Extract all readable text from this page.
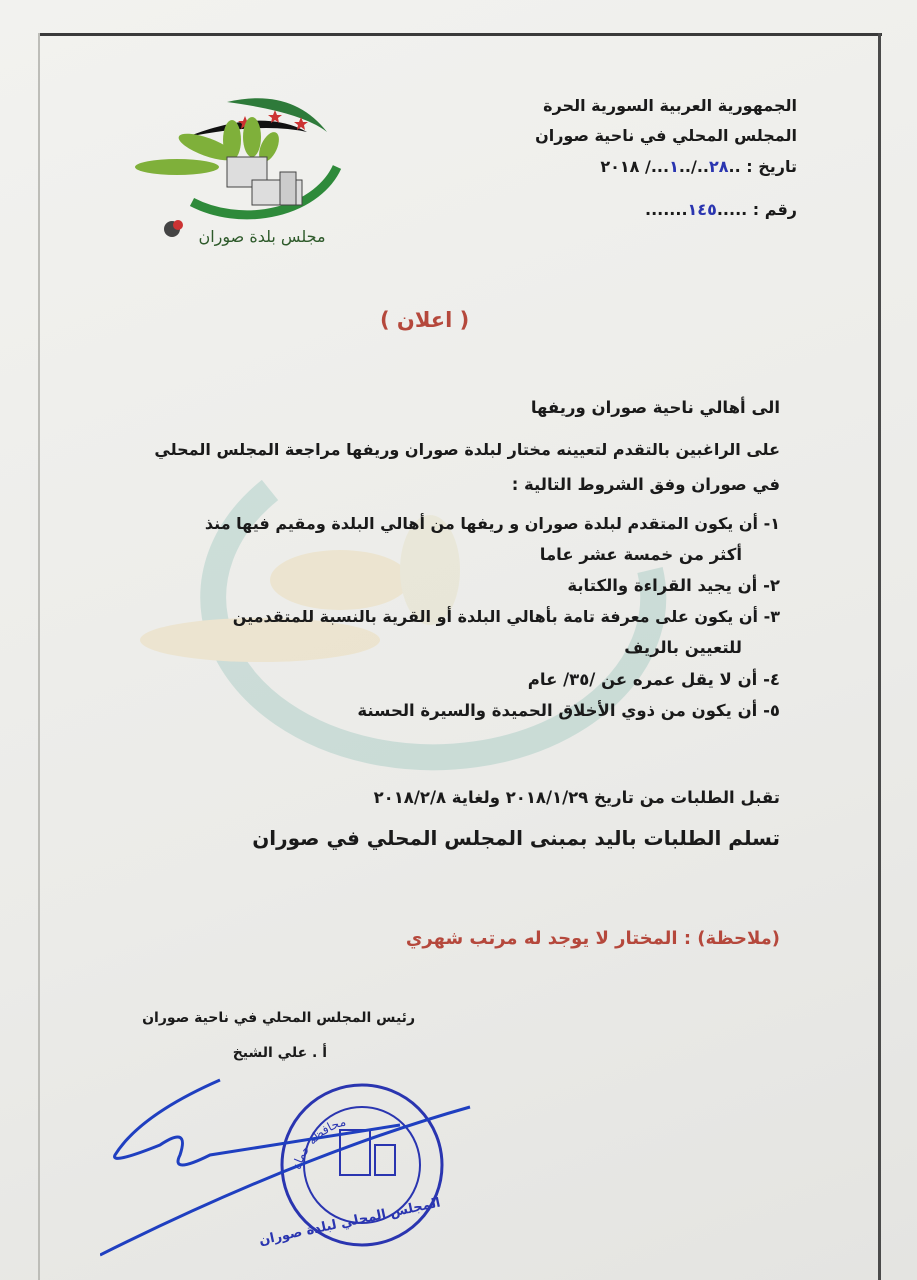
مجلس بلدة صوران
الجمهورية العربية السورية الحرة
المجلس المحلي في ناحية صوران
تاريخ : ..٢٨../..١.../ ٢٠١٨
رقم : .....١٤٥.......
( اعلان )
الى أهالي ناحية صوران وريفها
على الراغبين بالتقدم لتعيينه مختار لبلدة صوران وريفها مراجعة المجلس المحلي
في صوران وفق الشروط التالية :
١- أن يكون المتقدم لبلدة صوران و ريفها من أهالي البلدة ومقيم فيها منذ
أكثر من خمسة عشر عاما
٢- أن يجيد القراءة والكتابة
٣- أن يكون على معرفة تامة بأهالي البلدة أو القرية بالنسبة للمتقدمين
للتعيين بالريف
٤- أن لا يقل عمره عن /٣٥/ عام
٥- أن يكون من ذوي الأخلاق الحميدة والسيرة الحسنة
تقبل الطلبات من تاريخ ٢٠١٨/١/٢٩ ولغاية ٢٠١٨/٢/٨
تسلم الطلبات باليد بمبنى المجلس المحلي في صوران
(ملاحظة) : المختار لا يوجد له مرتب شهري
رئيس المجلس المحلي في ناحية صوران
أ . علي الشيخ
محافظة حماة
المجلس المحلي لبلدة صوران
